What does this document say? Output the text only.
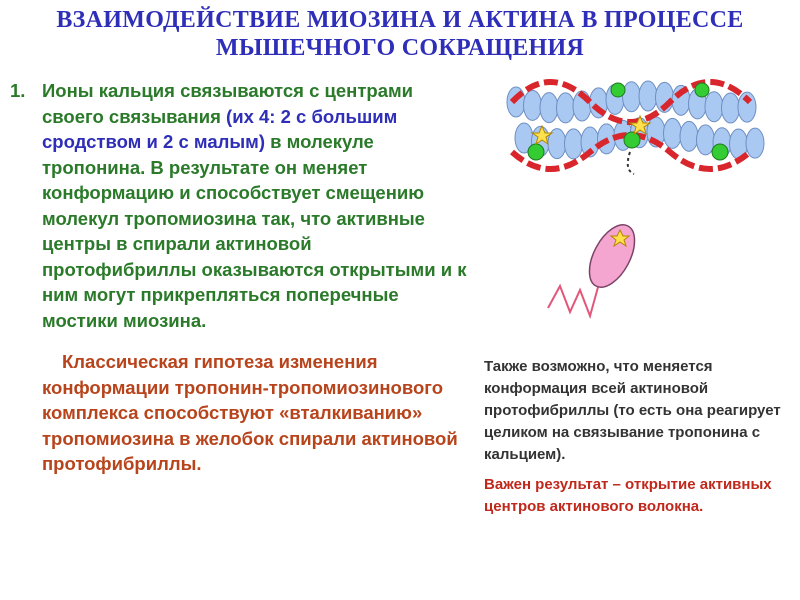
ВЗАИМОДЕЙСТВИЕ МИОЗИНА И АКТИНА В ПРОЦЕССЕ
МЫШЕЧНОГО СОКРАЩЕНИЯ
1. Ионы кальция связываются с центрами своего связывания (их 4: 2 с большим сродством и 2 с малым) в молекуле тропонина. В результате он меняет конформацию и способствует смещению молекул тропомиозина так, что активные центры в спирали актиновой протофибриллы оказываются открытыми и к ним могут прикрепляться поперечные мостики миозина.
Классическая гипотеза изменения конформации тропонин-тропомиозинового комплекса способствуют «вталкиванию» тропомиозина в желобок спирали актиновой протофибриллы.
Также возможно, что меняется конформация всей актиновой протофибриллы (то есть она реагирует целиком на связывание тропонина с кальцием).
Важен результат – открытие активных центров актинового волокна.
